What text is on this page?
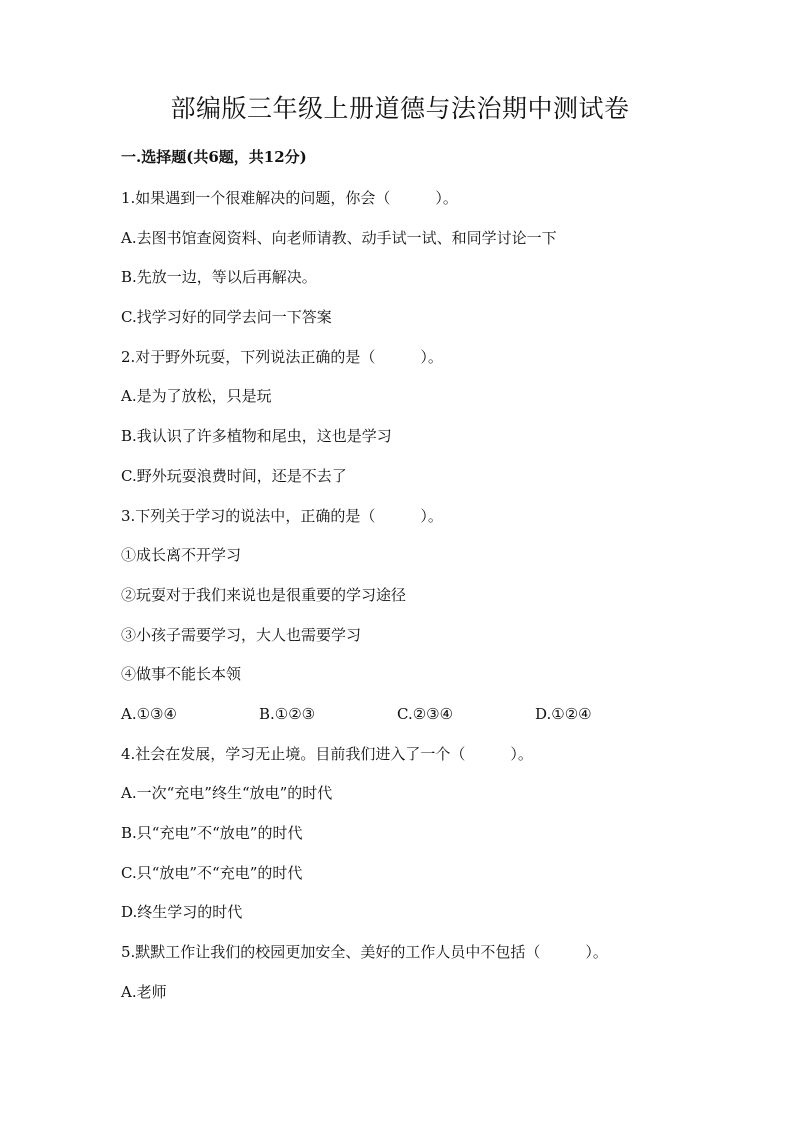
部编版三年级上册道德与法治期中测试卷
一.选择题(共6题，共12分)
1.如果遇到一个很难解决的问题，你会（　　　）。
A.去图书馆查阅资料、向老师请教、动手试一试、和同学讨论一下
B.先放一边，等以后再解决。
C.找学习好的同学去问一下答案
2.对于野外玩耍，下列说法正确的是（　　　）。
A.是为了放松，只是玩
B.我认识了许多植物和尾虫，这也是学习
C.野外玩耍浪费时间，还是不去了
3.下列关于学习的说法中，正确的是（　　　）。
①成长离不开学习
②玩耍对于我们来说也是很重要的学习途径
③小孩子需要学习，大人也需要学习
④做事不能长本领
A.①③④	B.①②③	C.②③④	D.①②④
4.社会在发展，学习无止境。目前我们进入了一个（　　　）。
A.一次“充电”终生“放电”的时代
B.只“充电”不“放电”的时代
C.只“放电”不“充电”的时代
D.终生学习的时代
5.默默工作让我们的校园更加安全、美好的工作人员中不包括（　　　）。
A.老师
